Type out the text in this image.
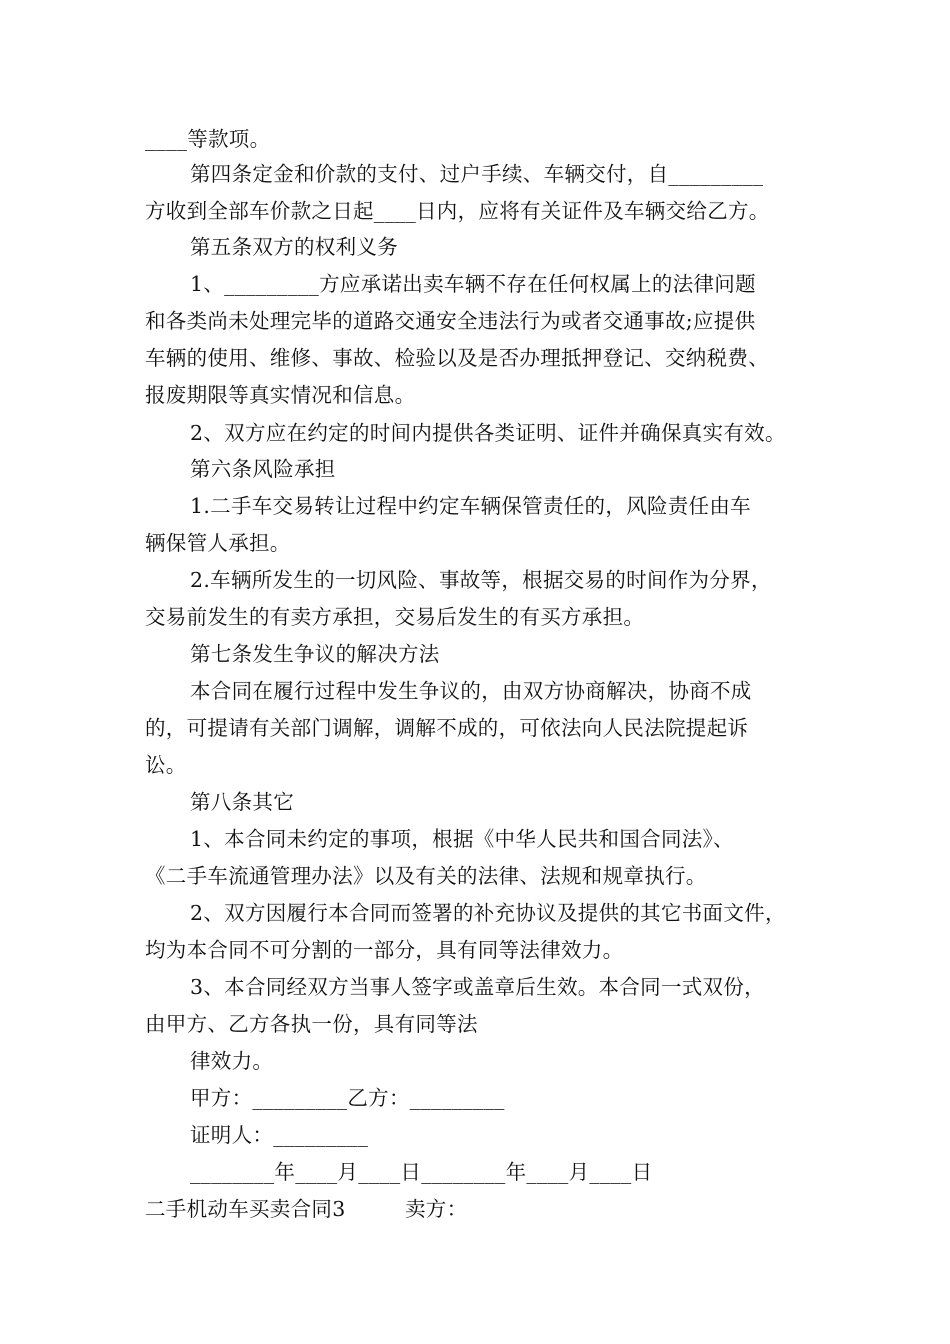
____等款项。
第四条定金和价款的支付、过户手续、车辆交付，自_________
方收到全部车价款之日起____日内，应将有关证件及车辆交给乙方。
第五条双方的权利义务
1、_________方应承诺出卖车辆不存在任何权属上的法律问题
和各类尚未处理完毕的道路交通安全违法行为或者交通事故;应提供
车辆的使用、维修、事故、检验以及是否办理抵押登记、交纳税费、
报废期限等真实情况和信息。
2、双方应在约定的时间内提供各类证明、证件并确保真实有效。
第六条风险承担
1.二手车交易转让过程中约定车辆保管责任的，风险责任由车
辆保管人承担。
2.车辆所发生的一切风险、事故等，根据交易的时间作为分界，
交易前发生的有卖方承担，交易后发生的有买方承担。
第七条发生争议的解决方法
本合同在履行过程中发生争议的，由双方协商解决，协商不成
的，可提请有关部门调解，调解不成的，可依法向人民法院提起诉
讼。
第八条其它
1、本合同未约定的事项，根据《中华人民共和国合同法》、
《二手车流通管理办法》以及有关的法律、法规和规章执行。
2、双方因履行本合同而签署的补充协议及提供的其它书面文件，
均为本合同不可分割的一部分，具有同等法律效力。
3、本合同经双方当事人签字或盖章后生效。本合同一式双份，
由甲方、乙方各执一份，具有同等法
律效力。
甲方：_________乙方：_________
证明人：_________
________年____月____日________年____月____日
二手机动车买卖合同3	卖方：
